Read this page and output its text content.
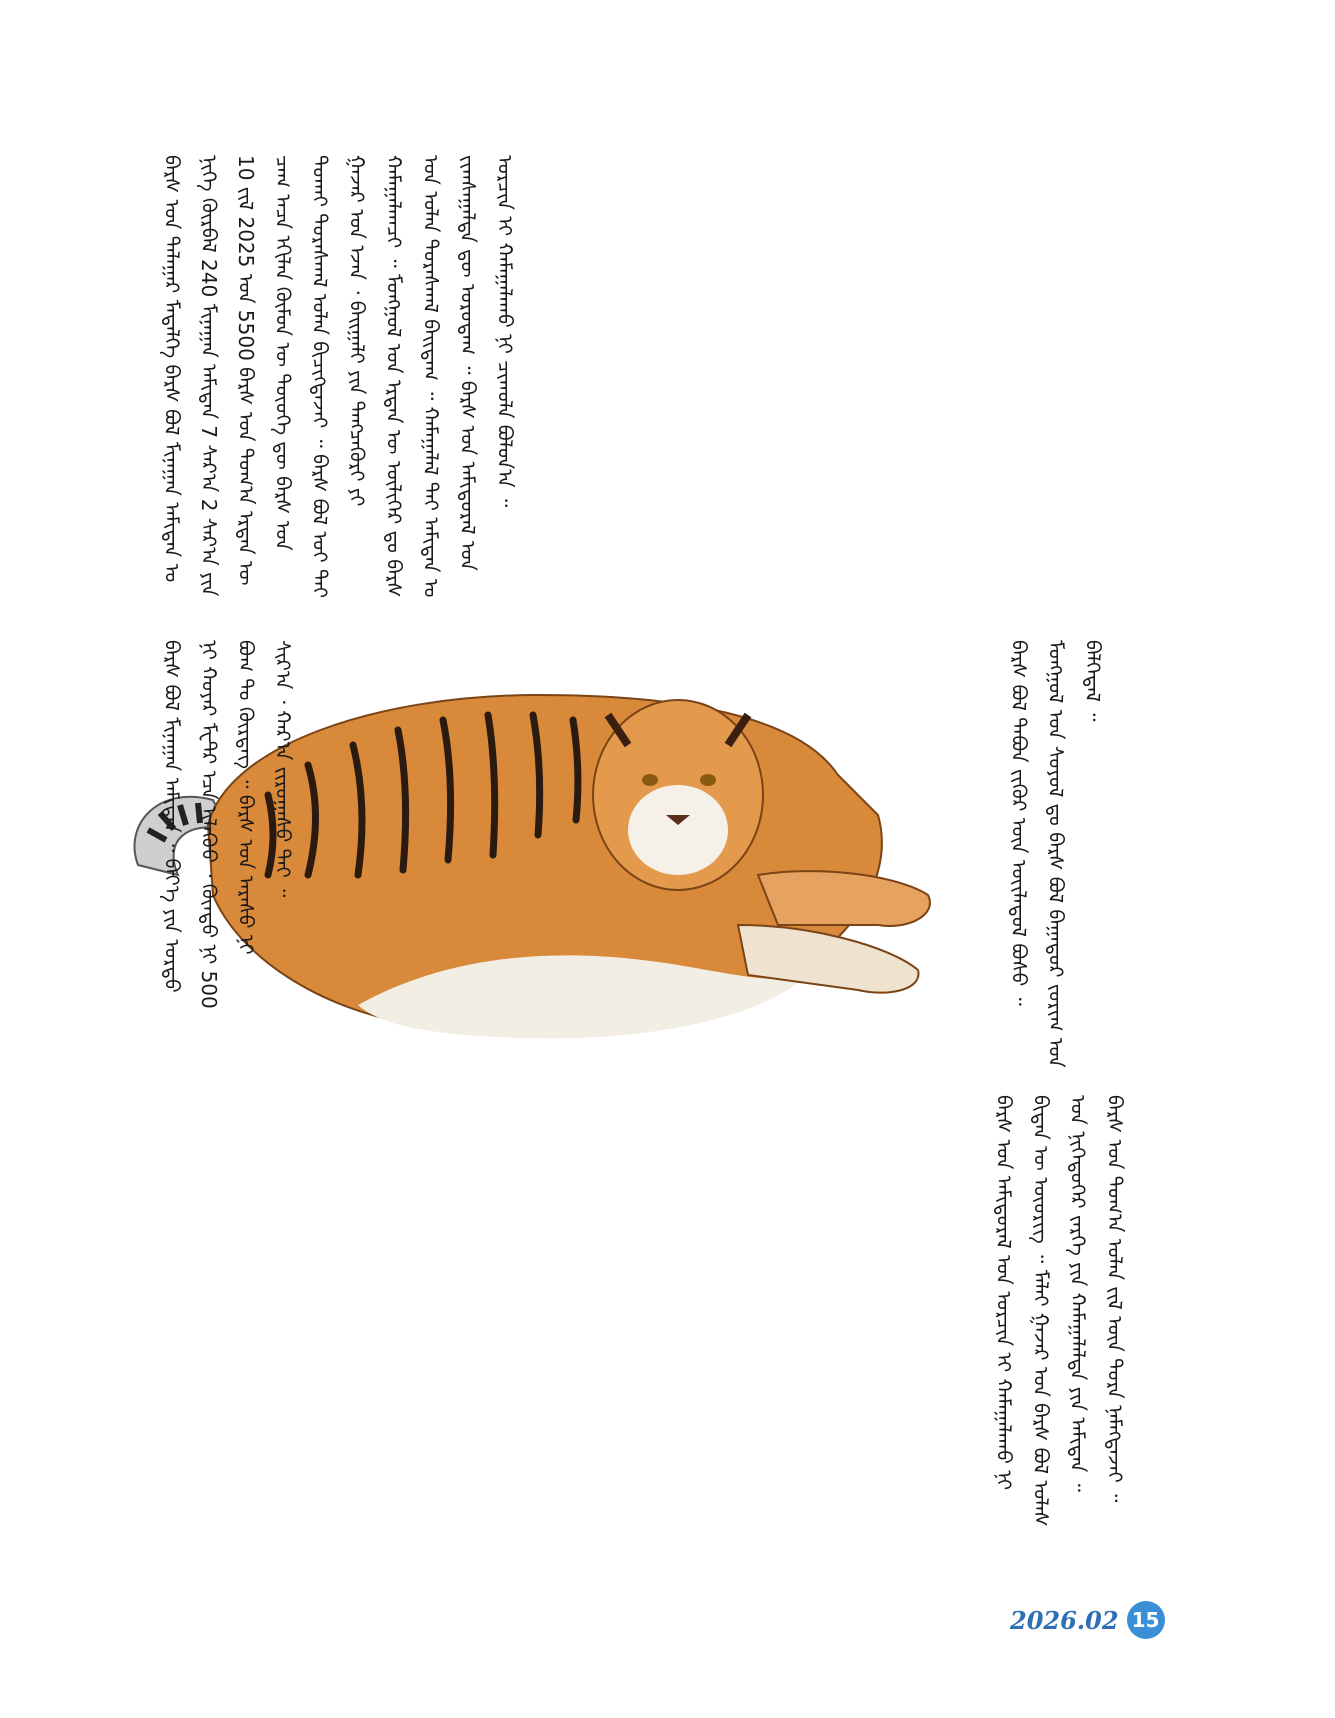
ᠪᠠᠷᠰ ᠤᠨ ᠲᠠᠯᠠᠭᠠᠷ ᠮᠡᠳᠡᠯᠭᠡ ᠪᠠᠷᠰ ᠪᠣᠯ ᠮᠢᠨᠠᠭᠠᠨ ᠠᠮᠢᠲᠠᠨ ᠤ ᠨᠢᠭᠡ ᠬᠦᠷᠪᠡᠯ 240 ᠮᠢᠨᠠᠭᠠᠨ ᠠᠮᠢᠲᠠᠨ 7 ᠰᠠᠷ᠎ᠠ 2 ᠰᠠᠷ᠎ᠠ ᠶᠢᠨ 10 ᠵᠢᠯ 2025 ᠣᠨ 5500 ᠪᠠᠷᠰ ᠤᠨ ᠲᠣᠭ᠎ᠠ ᠡᠷᠲᠡᠨ ᠦ ᠴᠠᠭ ᠠᠴᠠ ᠡᠬᠢᠯᠡᠨ ᠬᠦᠮᠦᠨ ᠦ ᠲᠦᠦᠬᠡ ᠳᠦ ᠪᠠᠷᠰ ᠤᠨ ᠲᠤᠬᠠᠢ ᠳᠤᠷᠠᠰᠬᠠᠯ ᠤᠯᠠᠨ ᠪᠢᠴᠢᠭᠳᠡᠵᠡᠢ ᠃ ᠪᠠᠷᠰ ᠪᠣᠯ ᠣᠢ ᠲᠠᠢ ᠭᠠᠵᠠᠷ ᠤᠨ ᠡᠵᠡᠨ ᠂ ᠪᠠᠢᠭᠠᠯᠢ ᠶᠢᠨ ᠲᠡᠩᠴᠡᠭᠦᠷᠢ ᠶᠢ ᠬᠠᠮᠠᠭᠠᠯᠠᠭᠴᠢ ᠃ ᠮᠣᠩᠭᠣᠯ ᠤᠨ ᠡᠷᠲᠡᠨ ᠦ ᠦᠯᠢᠭᠡᠷ ᠳᠤ ᠪᠠᠷᠰ ᠤᠨ ᠤᠯᠠᠨ ᠳᠤᠷᠠᠰᠬᠠᠯ ᠪᠠᠢᠳᠠᠭ ᠃ ᠬᠠᠮᠠᠭᠠᠯᠠᠯ ᠲᠠᠢ ᠠᠮᠢᠲᠠᠨ ᠤ ᠵᠢᠭᠰᠠᠭᠠᠯᠲᠠ ᠳᠦ ᠣᠷᠣᠳᠠᠭ ᠃ ᠪᠠᠷᠰ ᠤᠨ ᠠᠮᠢᠳᠤᠷᠠᠯ ᠤᠨ ᠣᠷᠴᠢᠨ ᠢ ᠬᠠᠮᠠᠭᠠᠯᠠᠬᠤ ᠨᠢ ᠴᠢᠬᠤᠯᠠ ᠪᠣᠯᠤᠨ᠎ᠠ ᠃
ᠪᠠᠷᠰ ᠪᠣᠯ ᠮᠢᠨᠠᠭᠠᠨ ᠠᠮᠢᠲᠠᠨ ᠃ ᠪᠡᠶ᠎ᠡ ᠶᠢᠨ ᠤᠷᠲᠤ ᠨᠢ ᠬᠣᠶᠠᠷ ᠮᠧᠲ᠋ᠷ ᠡᠴᠡ ᠢᠯᠡᠭᠦᠦ ᠂ ᠬᠦᠨᠳᠦ ᠨᠢ 500 ᠪᠤᠭ ᠲᠣ ᠬᠦᠷᠳᠡᠭ ᠃ ᠪᠠᠷᠰ ᠤᠨ ᠠᠷᠠᠰᠤ ᠨᠢ ᠰᠢᠷ᠎ᠠ ᠂ ᠬᠠᠷ᠎ᠠ ᠵᠢᠷᠤᠭᠠᠰᠤ ᠲᠠᠢ ᠃	ᠪᠠᠷᠰ ᠪᠣᠯ ᠲᠠᠪᠤᠨ ᠵᠢᠭᠦᠷ ᠦᠨ ᠦᠢᠯᠡᠳᠦᠯ ᠪᠤᠰᠤ ᠃ ᠮᠣᠩᠭᠣᠯ ᠤᠨ ᠰᠣᠶᠤᠯ ᠳᠤ ᠪᠠᠷᠰ ᠪᠣᠯ ᠪᠠᠭᠠᠲᠤᠷ ᠵᠣᠷᠢᠭ ᠤᠨ ᠪᠡᠯᠭᠡᠳᠡᠯ ᠃
ᠪᠠᠷᠰ ᠤᠨ ᠠᠮᠢᠳᠤᠷᠠᠯ ᠤᠨ ᠣᠷᠴᠢᠨ ᠢ ᠬᠠᠮᠠᠭᠠᠯᠠᠬᠤ ᠨᠢ ᠪᠢᠳᠡᠨ ᠦ ᠦᠦᠷᠢᠭ ᠃ ᠮᠠᠯᠠᠢ ᠭᠠᠵᠠᠷ ᠤᠨ ᠪᠠᠷᠰ ᠪᠣᠯ ᠤᠯᠠᠰ ᠤᠨ ᠨᠢᠭᠡᠳᠦᠭᠡᠷ ᠵᠡᠷᠭᠡ ᠶᠢᠨ ᠬᠠᠮᠠᠭᠠᠯᠠᠯᠲᠠ ᠶᠢᠨ ᠠᠮᠢᠲᠠᠨ ᠃ ᠪᠠᠷᠰ ᠤᠨ ᠲᠣᠭ᠎ᠠ ᠣᠯᠠᠨ ᠵᠢᠯ ᠦᠨ ᠳᠤᠷᠠ ᠨᠡᠮᠡᠭᠳᠡᠵᠡᠢ ᠃
2026.02 15
